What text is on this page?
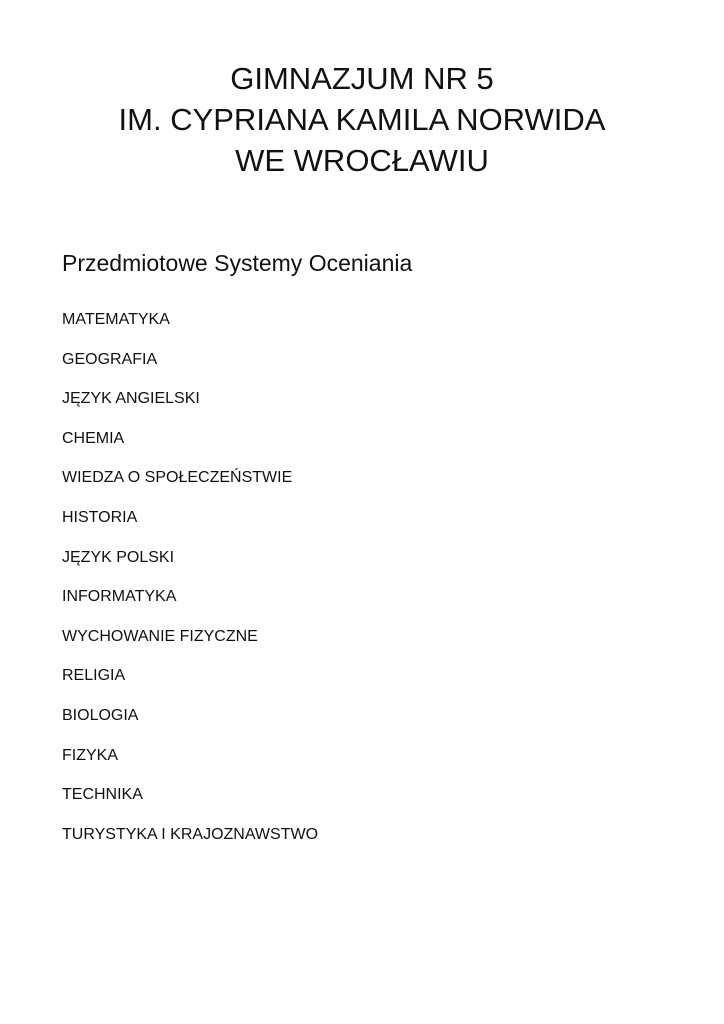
GIMNAZJUM NR 5
IM. CYPRIANA KAMILA NORWIDA
WE WROCŁAWIU
Przedmiotowe Systemy Oceniania
MATEMATYKA
GEOGRAFIA
JĘZYK ANGIELSKI
CHEMIA
WIEDZA O SPOŁECZEŃSTWIE
HISTORIA
JĘZYK POLSKI
INFORMATYKA
WYCHOWANIE FIZYCZNE
RELIGIA
BIOLOGIA
FIZYKA
TECHNIKA
TURYSTYKA I KRAJOZNAWSTWO
